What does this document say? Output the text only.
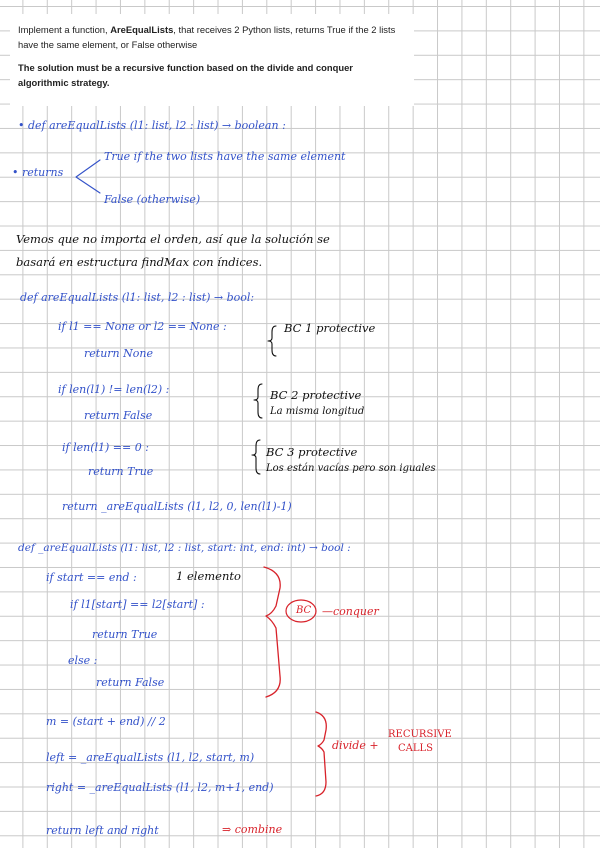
Implement a function, AreEqualLists, that receives 2 Python lists, returns True if the 2 lists have the same element, or False otherwise

The solution must be a recursive function based on the divide and conquer algorithmic strategy.

• def areEqualLists (l1: list, l2 : list) → boolean :
• returns
True if the two lists have the same element
False (otherwise)
Vemos que no importa el orden, así que la solución se
basará en estructura findMax con índices.
def areEqualLists (l1: list, l2 : list) → bool:
if l1 == None or l2 == None :
return None
BC 1 protective
if len(l1) != len(l2) :
return False
BC 2 protective
La misma longitud
if len(l1) == 0 :
return True
BC 3 protective
Los están vacías pero son iguales
return _areEqualLists (l1, l2, 0, len(l1)-1)
def _areEqualLists (l1: list, l2 : list, start: int, end: int) → bool :
if start == end :	1 elemento
if l1[start] == l2[start] :
return True
else :
return False
BC —conquer
m = (start + end) // 2
left = _areEqualLists (l1, l2, start, m)
right = _areEqualLists (l1, l2, m+1, end)
divide +
RECURSIVE
CALLS
return left and right	⇒ combine
